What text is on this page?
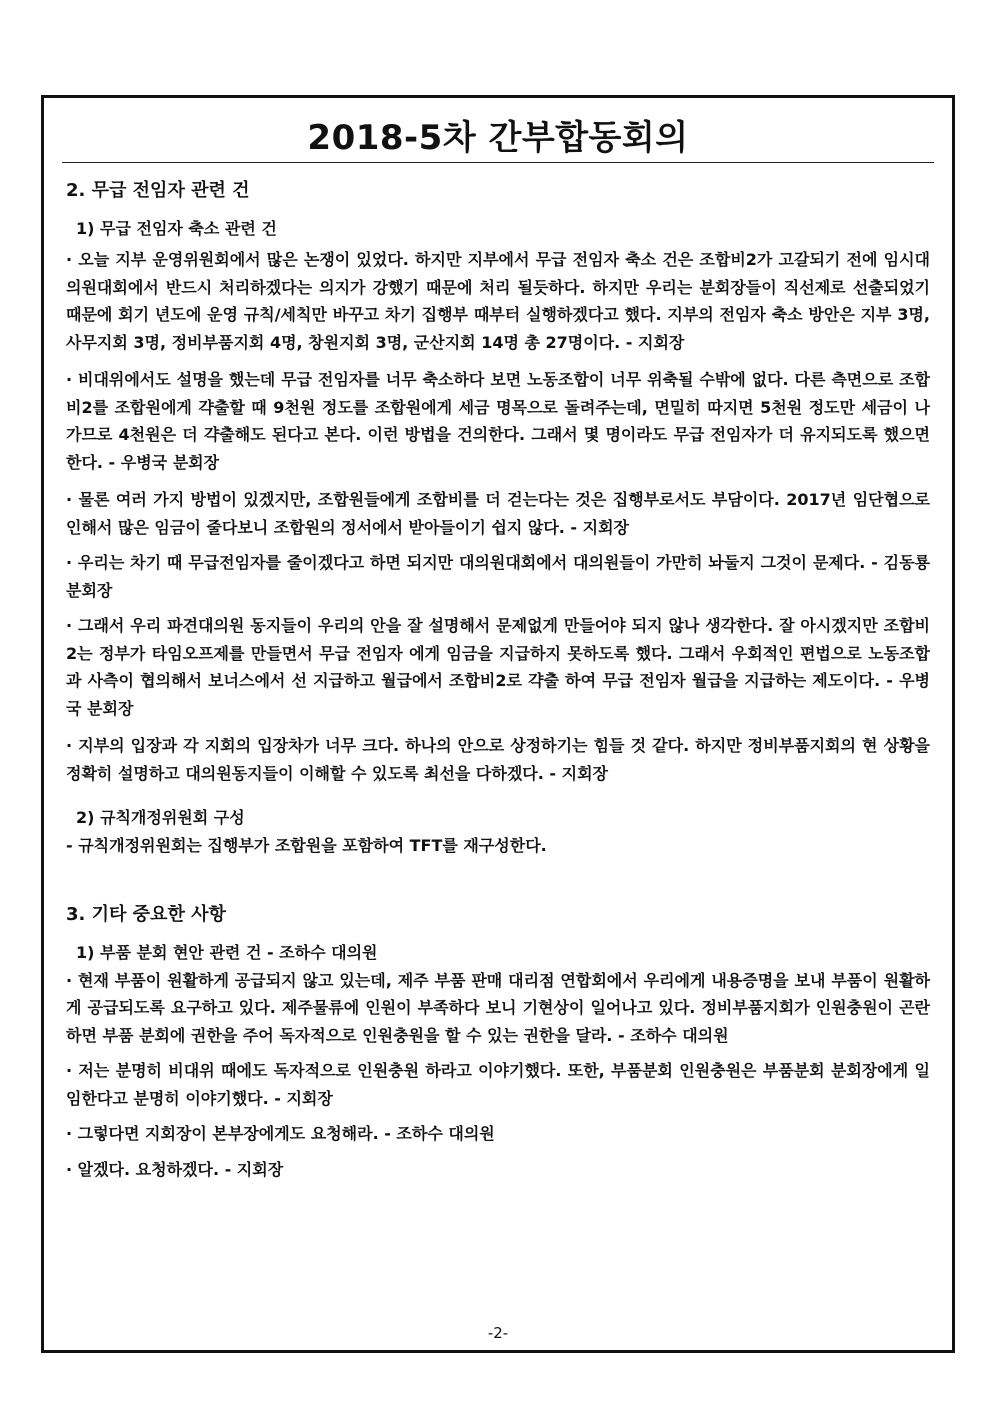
2018-5차 간부합동회의

2. 무급 전임자 관련 건

1) 무급 전임자 축소 관련 건

· 오늘 지부 운영위원회에서 많은 논쟁이 있었다. 하지만 지부에서 무급 전임자 축소 건은 조합비2가 고갈되기 전에 임시대의원대회에서 반드시 처리하겠다는 의지가 강했기 때문에 처리 될듯하다. 하지만 우리는 분회장들이 직선제로 선출되었기 때문에 회기 년도에 운영 규칙/세칙만 바꾸고 차기 집행부 때부터 실행하겠다고 했다. 지부의 전임자 축소 방안은 지부 3명, 사무지회 3명, 정비부품지회 4명, 창원지회 3명, 군산지회 14명 총 27명이다. - 지회장

· 비대위에서도 설명을 했는데 무급 전임자를 너무 축소하다 보면 노동조합이 너무 위축될 수밖에 없다. 다른 측면으로 조합비2를 조합원에게 갹출할 때 9천원 정도를 조합원에게 세금 명목으로 돌려주는데, 면밀히 따지면 5천원 정도만 세금이 나가므로 4천원은 더 갹출해도 된다고 본다. 이런 방법을 건의한다. 그래서 몇 명이라도 무급 전임자가 더 유지되도록 했으면 한다. - 우병국 분회장

· 물론 여러 가지 방법이 있겠지만, 조합원들에게 조합비를 더 걷는다는 것은 집행부로서도 부담이다. 2017년 임단협으로 인해서 많은 임금이 줄다보니 조합원의 정서에서 받아들이기 쉽지 않다. - 지회장

· 우리는 차기 때 무급전임자를 줄이겠다고 하면 되지만 대의원대회에서 대의원들이 가만히 놔둘지 그것이 문제다. - 김동룡 분회장

· 그래서 우리 파견대의원 동지들이 우리의 안을 잘 설명해서 문제없게 만들어야 되지 않나 생각한다. 잘 아시겠지만 조합비2는 정부가 타임오프제를 만들면서 무급 전임자 에게 임금을 지급하지 못하도록 했다. 그래서 우회적인 편법으로 노동조합과 사측이 협의해서 보너스에서 선 지급하고 월급에서 조합비2로 갹출 하여 무급 전임자 월급을 지급하는 제도이다. - 우병국 분회장

· 지부의 입장과 각 지회의 입장차가 너무 크다. 하나의 안으로 상정하기는 힘들 것 같다. 하지만 정비부품지회의 현 상황을 정확히 설명하고 대의원동지들이 이해할 수 있도록 최선을 다하겠다. - 지회장

2) 규칙개정위원회 구성

- 규칙개정위원회는 집행부가 조합원을 포함하여 TFT를 재구성한다.

3. 기타 중요한 사항

1) 부품 분회 현안 관련 건 - 조하수 대의원

· 현재 부품이 원활하게 공급되지 않고 있는데, 제주 부품 판매 대리점 연합회에서 우리에게 내용증명을 보내 부품이 원활하게 공급되도록 요구하고 있다. 제주물류에 인원이 부족하다 보니 기현상이 일어나고 있다. 정비부품지회가 인원충원이 곤란하면 부품 분회에 권한을 주어 독자적으로 인원충원을 할 수 있는 권한을 달라. - 조하수 대의원

· 저는 분명히 비대위 때에도 독자적으로 인원충원 하라고 이야기했다. 또한, 부품분회 인원충원은 부품분회 분회장에게 일임한다고 분명히 이야기했다. - 지회장

· 그렇다면 지회장이 본부장에게도 요청해라. - 조하수 대의원

· 알겠다. 요청하겠다. - 지회장

-2-
